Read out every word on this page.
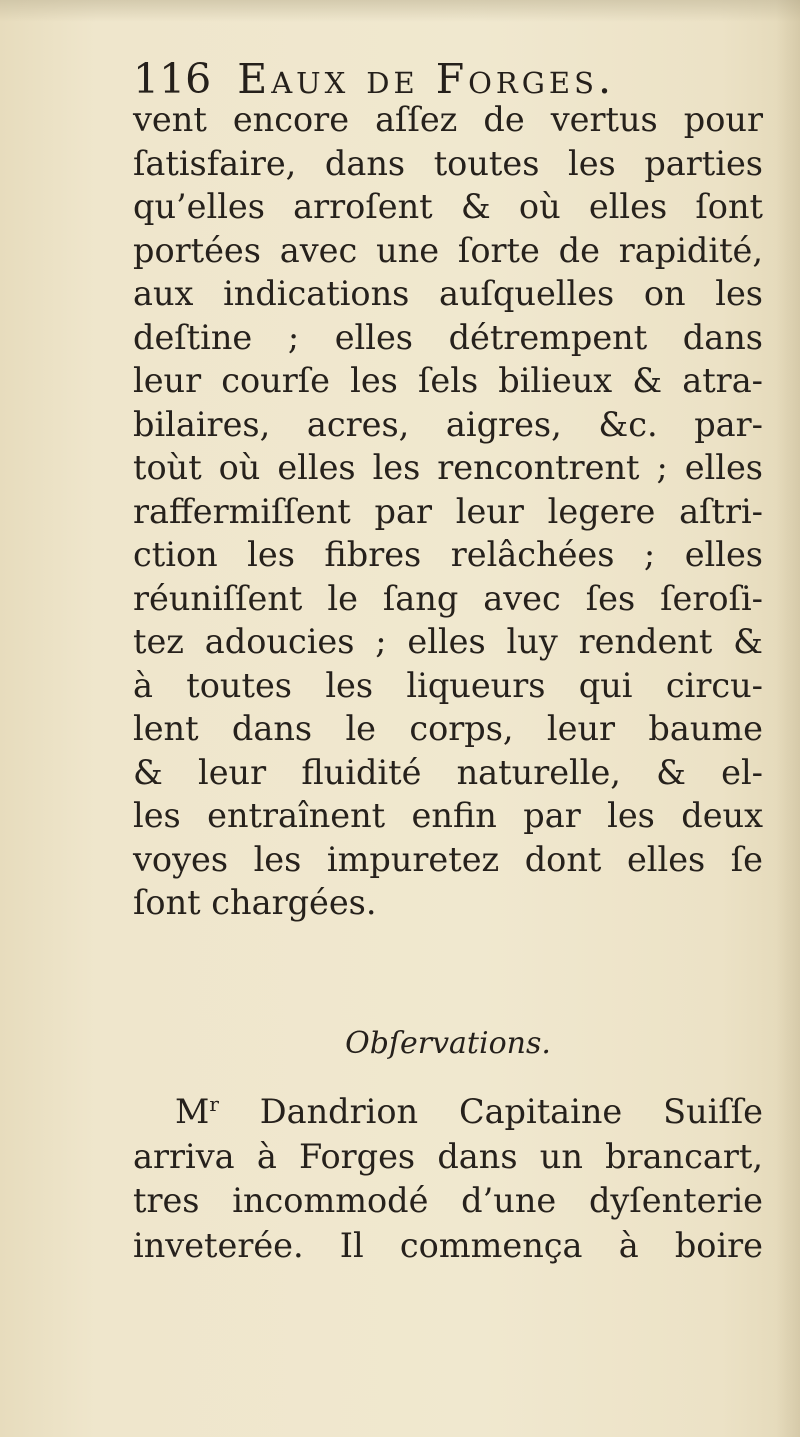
116 Eaux de Forges.
vent encore aſſez de vertus pour
ſatisfaire, dans toutes les parties
qu’elles arroſent & où elles ſont
portées avec une ſorte de rapidité,
aux indications auſquelles on les
deſtine ; elles détrempent dans
leur courſe les ſels bilieux & atra-
bilaires, acres, aigres, &c. par-
toùt où elles les rencontrent ; elles
raffermiſſent par leur legere aſtri-
ction les fibres relâchées ; elles
réuniſſent le ſang avec ſes ſeroſi-
tez adoucies ; elles luy rendent &
à toutes les liqueurs qui circu-
lent dans le corps, leur baume
& leur fluidité naturelle, & el-
les entraînent enfin par les deux
voyes les impuretez dont elles ſe
ſont chargées.
Obſervations.
$M^r$ Dandrion Capitaine Suiſſe
arriva à Forges dans un brancart,
tres incommodé d’une dyſenterie
inveterée. Il commença à boire
